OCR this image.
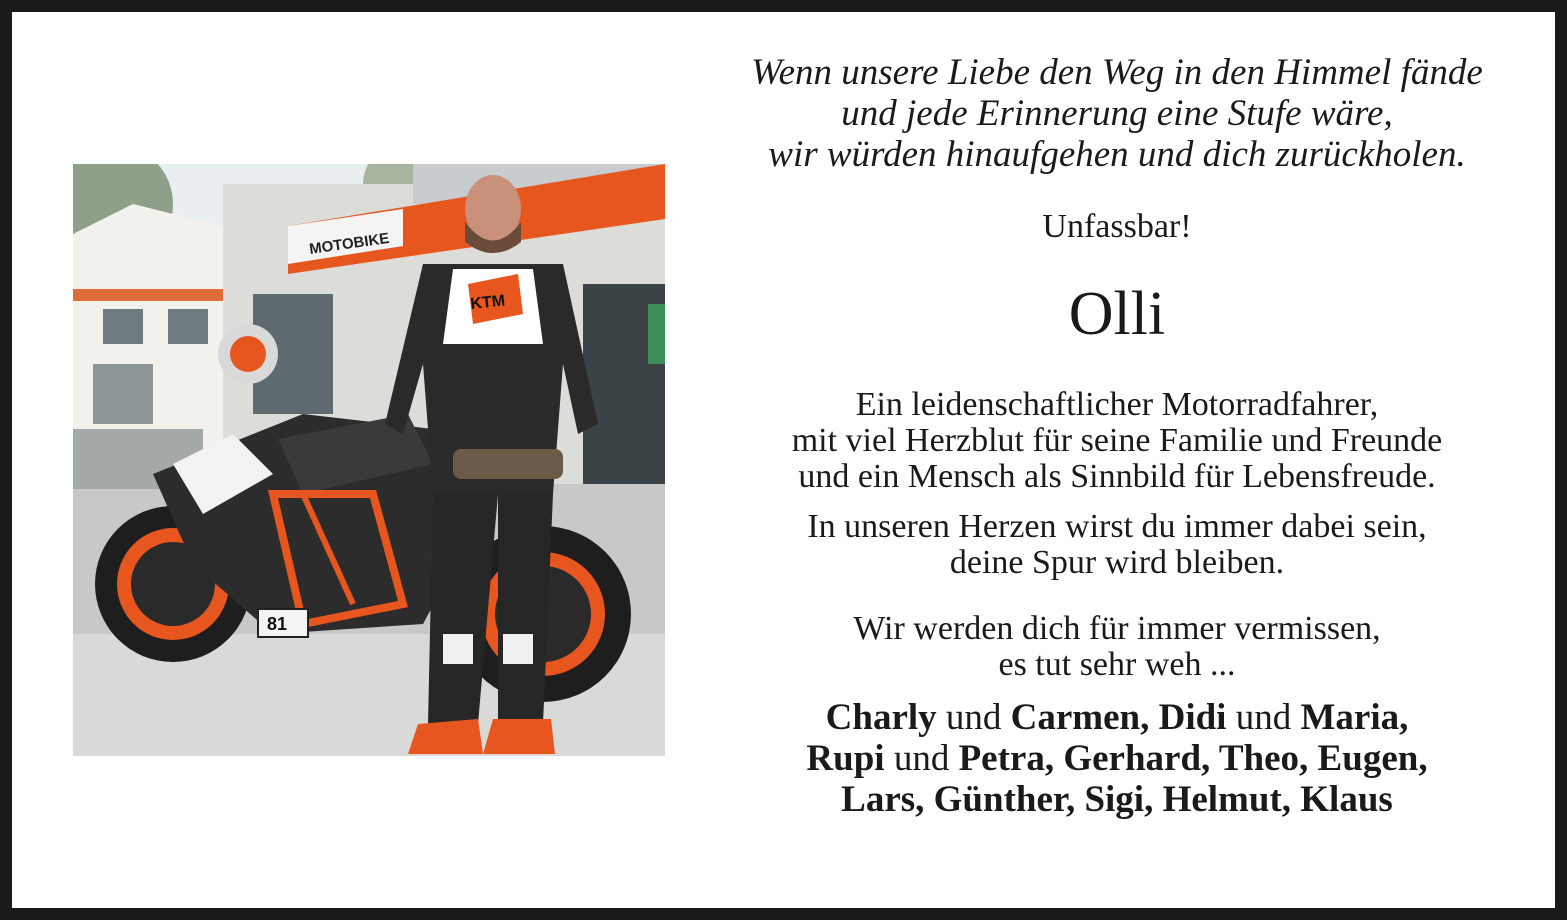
MOTOBIKE
81
KTM
Wenn unsere Liebe den Weg in den Himmel fände
und jede Erinnerung eine Stufe wäre,
wir würden hinaufgehen und dich zurückholen.
Unfassbar!
Olli
Ein leidenschaftlicher Motorradfahrer,
mit viel Herzblut für seine Familie und Freunde
und ein Mensch als Sinnbild für Lebensfreude.
In unseren Herzen wirst du immer dabei sein,
deine Spur wird bleiben.
Wir werden dich für immer vermissen,
es tut sehr weh ...
Charly und Carmen, Didi und Maria,
Rupi und Petra, Gerhard, Theo, Eugen,
Lars, Günther, Sigi, Helmut, Klaus
